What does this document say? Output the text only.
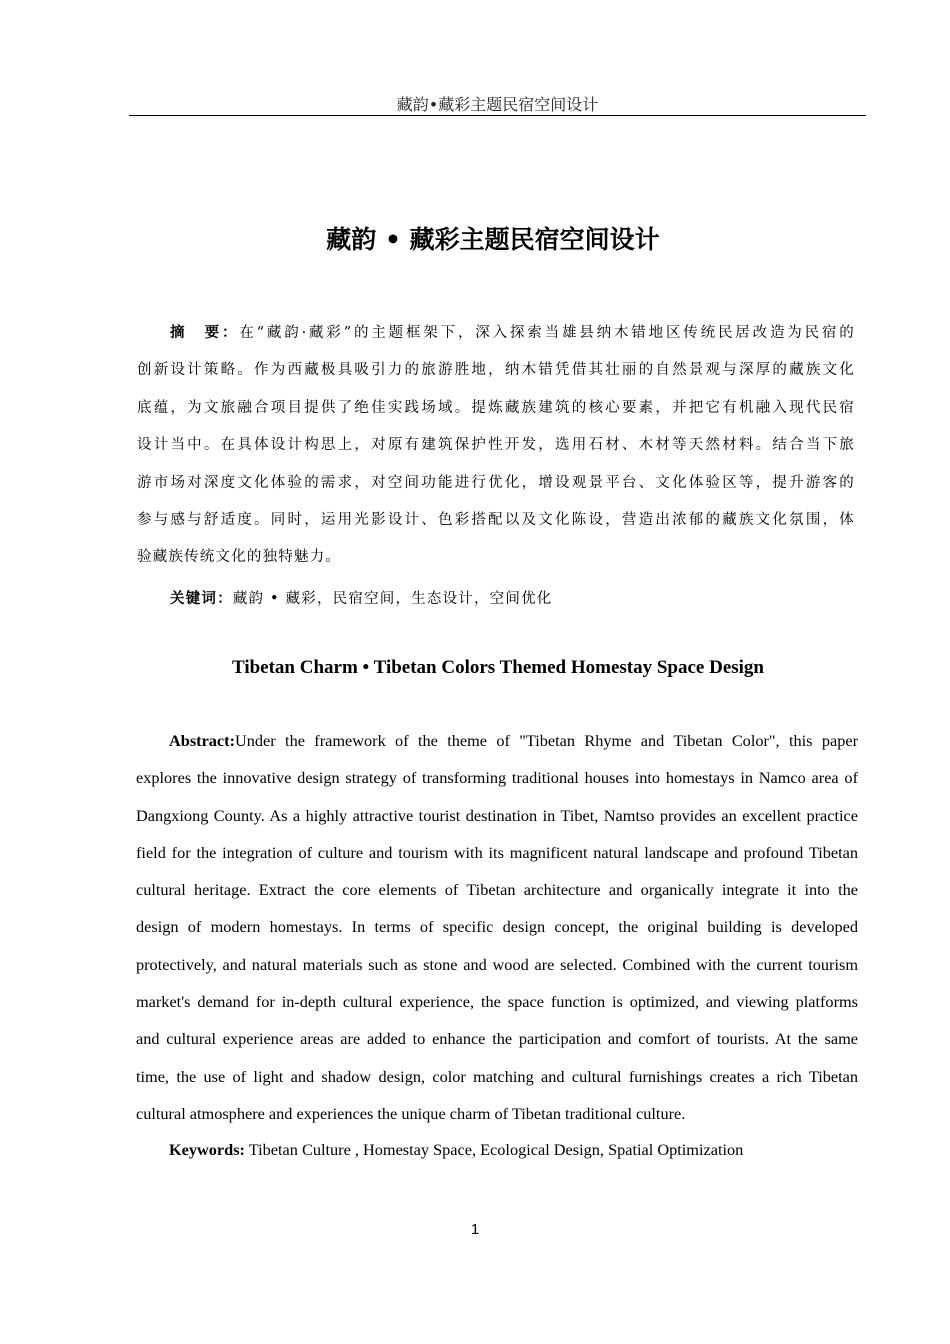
藏韵•藏彩主题民宿空间设计
藏韵 • 藏彩主题民宿空间设计
摘　要：在“藏韵·藏彩”的主题框架下，深入探索当雄县纳木错地区传统民居改造为民宿的
创新设计策略。作为西藏极具吸引力的旅游胜地，纳木错凭借其壮丽的自然景观与深厚的藏族文化
底蕴，为文旅融合项目提供了绝佳实践场域。提炼藏族建筑的核心要素，并把它有机融入现代民宿
设计当中。在具体设计构思上，对原有建筑保护性开发，选用石材、木材等天然材料。结合当下旅
游市场对深度文化体验的需求，对空间功能进行优化，增设观景平台、文化体验区等，提升游客的
参与感与舒适度。同时，运用光影设计、色彩搭配以及文化陈设，营造出浓郁的藏族文化氛围，体
验藏族传统文化的独特魅力。
关键词：藏韵 • 藏彩，民宿空间，生态设计，空间优化
Tibetan Charm • Tibetan Colors Themed Homestay Space Design
Abstract:Under the framework of the theme of "Tibetan Rhyme and Tibetan Color", this paper
explores the innovative design strategy of transforming traditional houses into homestays in Namco area of
Dangxiong County. As a highly attractive tourist destination in Tibet, Namtso provides an excellent practice
field for the integration of culture and tourism with its magnificent natural landscape and profound Tibetan
cultural heritage. Extract the core elements of Tibetan architecture and organically integrate it into the
design of modern homestays. In terms of specific design concept, the original building is developed
protectively, and natural materials such as stone and wood are selected. Combined with the current tourism
market's demand for in-depth cultural experience, the space function is optimized, and viewing platforms
and cultural experience areas are added to enhance the participation and comfort of tourists. At the same
time, the use of light and shadow design, color matching and cultural furnishings creates a rich Tibetan
cultural atmosphere and experiences the unique charm of Tibetan traditional culture.
Keywords: Tibetan Culture , Homestay Space, Ecological Design, Spatial Optimization
1
